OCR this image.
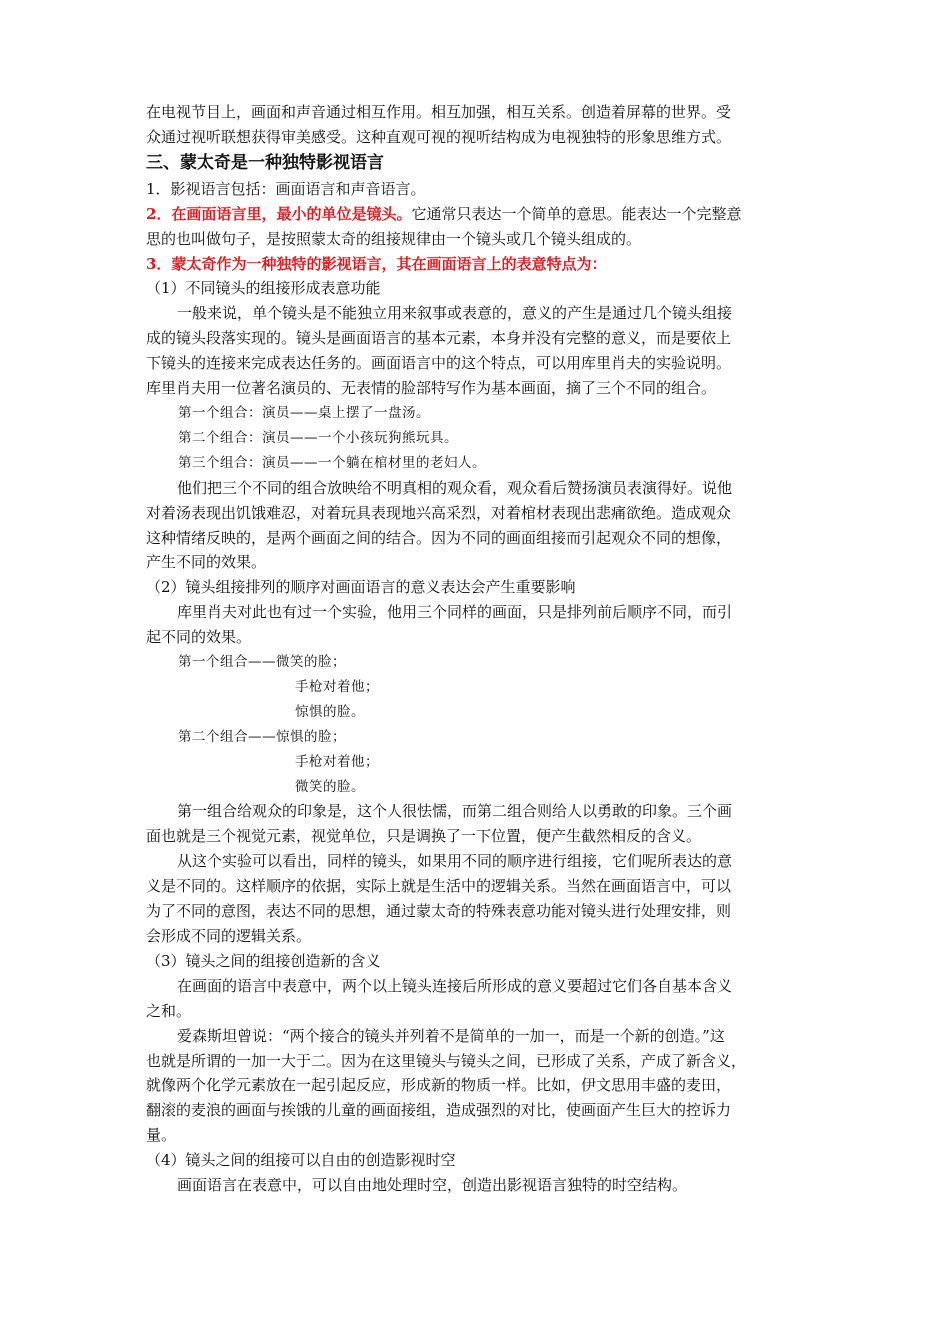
在电视节目上，画面和声音通过相互作用。相互加强，相互关系。创造着屏幕的世界。受
众通过视听联想获得审美感受。这种直观可视的视听结构成为电视独特的形象思维方式。
三、蒙太奇是一种独特影视语言
1．影视语言包括：画面语言和声音语言。
2．在画面语言里，最小的单位是镜头。它通常只表达一个简单的意思。能表达一个完整意
思的也叫做句子，是按照蒙太奇的组接规律由一个镜头或几个镜头组成的。
3．蒙太奇作为一种独特的影视语言，其在画面语言上的表意特点为：
（1）不同镜头的组接形成表意功能
一般来说，单个镜头是不能独立用来叙事或表意的，意义的产生是通过几个镜头组接
成的镜头段落实现的。镜头是画面语言的基本元素，本身并没有完整的意义，而是要依上
下镜头的连接来完成表达任务的。画面语言中的这个特点，可以用库里肖夫的实验说明。
库里肖夫用一位著名演员的、无表情的脸部特写作为基本画面，摘了三个不同的组合。
第一个组合：演员——桌上摆了一盘汤。
第二个组合：演员——一个小孩玩狗熊玩具。
第三个组合：演员——一个躺在棺材里的老妇人。
他们把三个不同的组合放映给不明真相的观众看，观众看后赞扬演员表演得好。说他
对着汤表现出饥饿难忍，对着玩具表现地兴高采烈，对着棺材表现出悲痛欲绝。造成观众
这种情绪反映的，是两个画面之间的结合。因为不同的画面组接而引起观众不同的想像，
产生不同的效果。
（2）镜头组接排列的顺序对画面语言的意义表达会产生重要影响
库里肖夫对此也有过一个实验，他用三个同样的画面，只是排列前后顺序不同，而引
起不同的效果。
第一个组合——微笑的脸；
手枪对着他；
惊惧的脸。
第二个组合——惊惧的脸；
手枪对着他；
微笑的脸。
第一组合给观众的印象是，这个人很怯懦，而第二组合则给人以勇敢的印象。三个画
面也就是三个视觉元素，视觉单位，只是调换了一下位置，便产生截然相反的含义。
从这个实验可以看出，同样的镜头，如果用不同的顺序进行组接，它们呢所表达的意
义是不同的。这样顺序的依据，实际上就是生活中的逻辑关系。当然在画面语言中，可以
为了不同的意图，表达不同的思想，通过蒙太奇的特殊表意功能对镜头进行处理安排，则
会形成不同的逻辑关系。
（3）镜头之间的组接创造新的含义
在画面的语言中表意中，两个以上镜头连接后所形成的意义要超过它们各自基本含义
之和。
爱森斯坦曾说：“两个接合的镜头并列着不是简单的一加一，而是一个新的创造。”这
也就是所谓的一加一大于二。因为在这里镜头与镜头之间，已形成了关系，产成了新含义，
就像两个化学元素放在一起引起反应，形成新的物质一样。比如，伊文思用丰盛的麦田，
翻滚的麦浪的画面与挨饿的儿童的画面接组，造成强烈的对比，使画面产生巨大的控诉力
量。
（4）镜头之间的组接可以自由的创造影视时空
画面语言在表意中，可以自由地处理时空，创造出影视语言独特的时空结构。
